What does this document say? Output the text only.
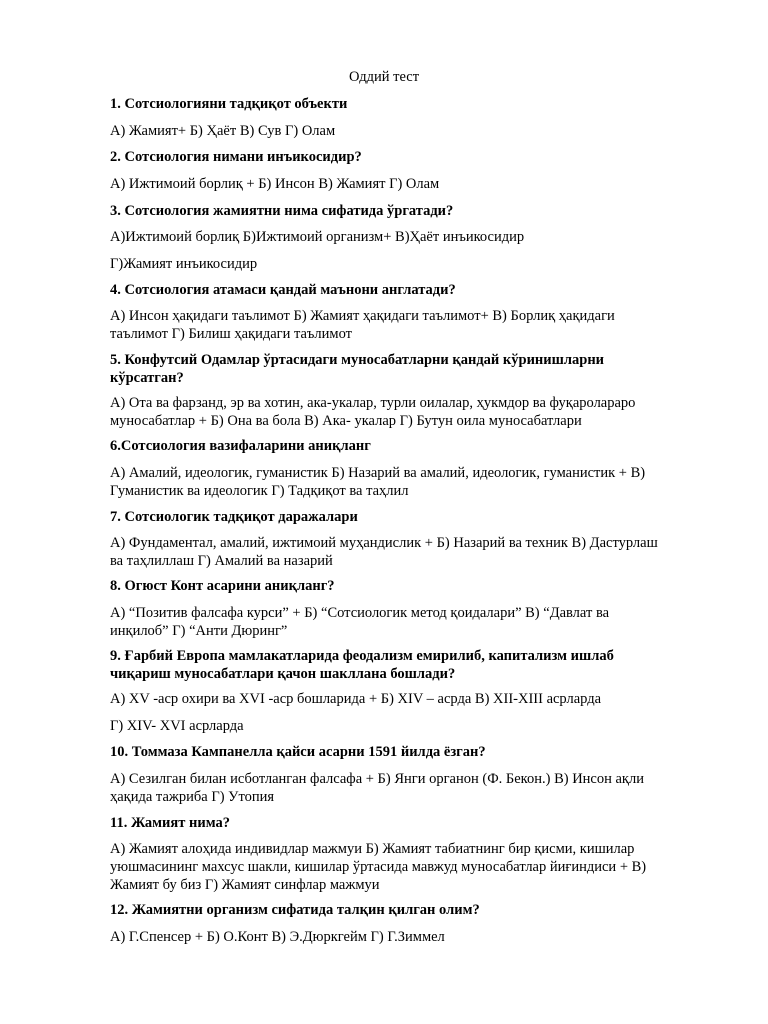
Оддий тест
1. Сотсиологияни тадқиқот объекти
А) Жамият+ Б) Ҳаёт В) Сув Г) Олам
2. Сотсиология нимани инъикосидир?
А) Ижтимоий борлиқ + Б) Инсон В) Жамият Г) Олам
3. Сотсиология жамиятни нима сифатида ўргатади?
А)Ижтимоий борлиқ Б)Ижтимоий организм+ В)Ҳаёт инъикосидир
Г)Жамият инъикосидир
4. Сотсиология атамаси қандай маънони англатади?
А) Инсон ҳақидаги таълимот Б) Жамият ҳақидаги таълимот+ В) Борлиқ ҳақидаги
таълимот Г) Билиш ҳақидаги таълимот
5. Конфутсий Одамлар ўртасидаги муносабатларни қандай кўринишларни
кўрсатган?
А) Ота ва фарзанд, эр ва хотин, ака-укалар, турли оилалар, ҳукмдор ва фуқаролараро
муносабатлар + Б) Она ва бола В) Ака- укалар Г) Бутун оила муносабатлари
6.Сотсиология вазифаларини аниқланг
А) Амалий, идеологик, гуманистик Б) Назарий ва амалий, идеологик, гуманистик + В)
Гуманистик ва идеологик Г) Тадқиқот ва таҳлил
7. Сотсиологик тадқиқот даражалари
А) Фундаментал, амалий, ижтимоий муҳандислик + Б) Назарий ва техник В) Дастурлаш
ва таҳлиллаш Г) Амалий ва назарий
8. Огюст Конт асарини аниқланг?
А) “Позитив фалсафа курси” + Б) “Сотсиологик метод қоидалари” В) “Давлат ва
инқилоб” Г) “Анти Дюринг”
9. Ғарбий Европа мамлакатларида феодализм емирилиб, капитализм ишлаб
чиқариш муносабатлари қачон шакллана бошлади?
А) XV -аср охири ва XVI -аср бошларида + Б) XIV – асрда В) XII-XIII асрларда
Г) XIV- XVI асрларда
10. Томмаза Кампанелла қайси асарни 1591 йилда ёзган?
А) Сезилган билан исботланган фалсафа + Б) Янги органон (Ф. Бекон.) В) Инсон ақли
ҳақида тажриба Г) Утопия
11. Жамият нима?
А) Жамият алоҳида индивидлар мажмуи Б) Жамият табиатнинг бир қисми, кишилар
уюшмасининг махсус шакли, кишилар ўртасида мавжуд муносабатлар йиғиндиси + В)
Жамият бу биз Г) Жамият синфлар мажмуи
12. Жамиятни организм сифатида талқин қилган олим?
А) Г.Спенсер + Б) О.Конт В) Э.Дюркгейм Г) Г.Зиммел
